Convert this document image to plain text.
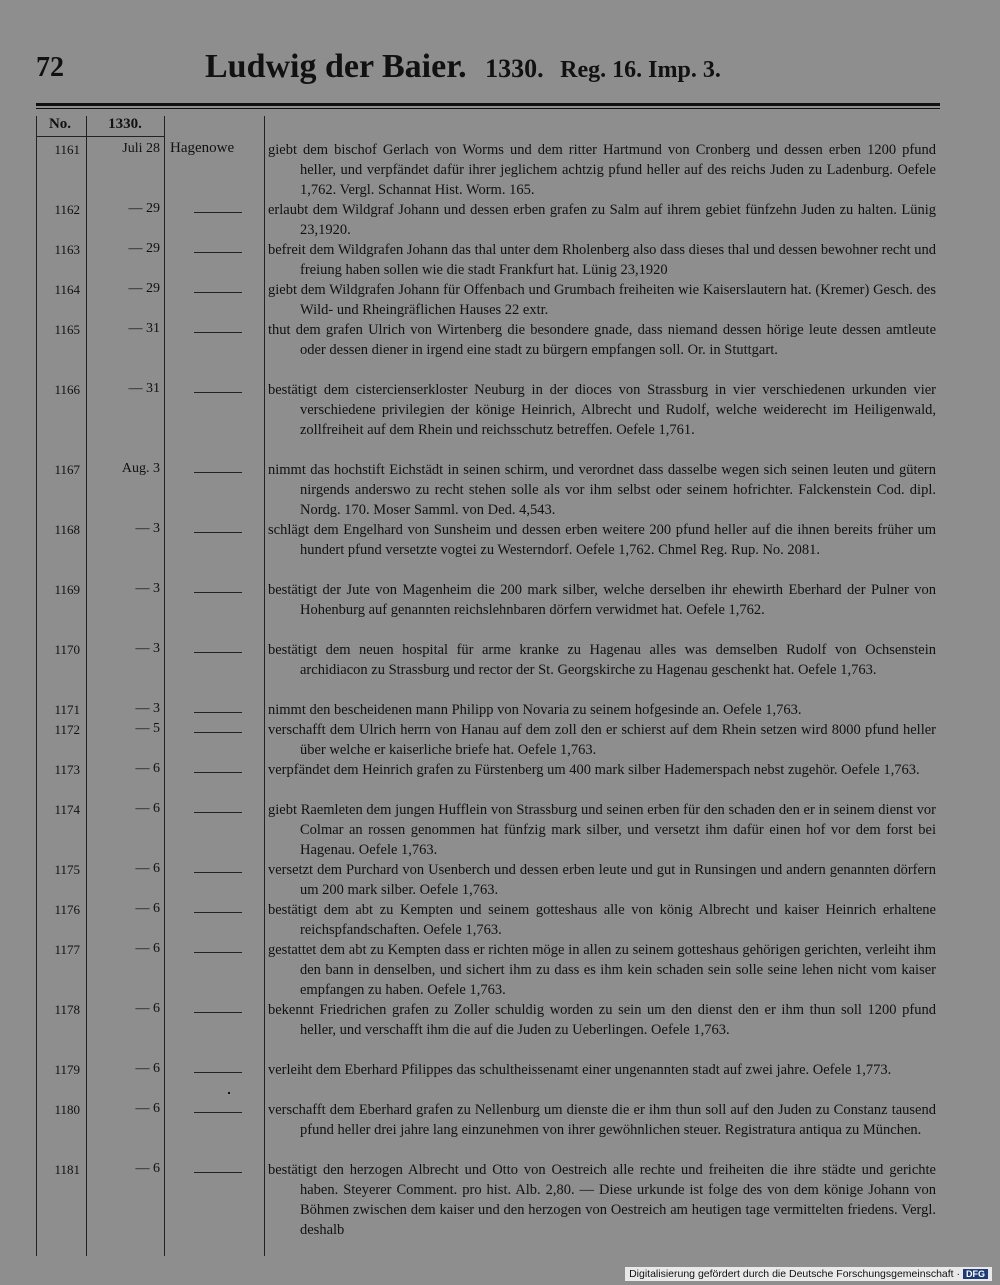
72	Ludwig der Baier. 1330. Reg. 16. Imp. 3.
No.	1330.
1161	Juli 28 Hagenowe	giebt dem bischof Gerlach von Worms und dem ritter Hartmund von Cronberg und dessen erben 1200 pfund heller, und verpfändet dafür ihrer jeglichem achtzig pfund heller auf des reichs Juden zu Ladenburg. Oefele 1,762. Vergl. Schannat Hist. Worm. 165.
1162	— 29	erlaubt dem Wildgraf Johann und dessen erben grafen zu Salm auf ihrem gebiet fünfzehn Juden zu halten. Lünig 23,1920.
1163	— 29	befreit dem Wildgrafen Johann das thal unter dem Rholenberg also dass dieses thal und dessen bewohner recht und freiung haben sollen wie die stadt Frankfurt hat. Lünig 23,1920
1164	— 29	giebt dem Wildgrafen Johann für Offenbach und Grumbach freiheiten wie Kaiserslautern hat. (Kremer) Gesch. des Wild- und Rheingräflichen Hauses 22 extr.
1165	— 31	thut dem grafen Ulrich von Wirtenberg die besondere gnade, dass niemand dessen hörige leute dessen amtleute oder dessen diener in irgend eine stadt zu bürgern empfangen soll. Or. in Stuttgart.
1166	— 31	bestätigt dem cistercienserkloster Neuburg in der dioces von Strassburg in vier verschiedenen urkunden vier verschiedene privilegien der könige Heinrich, Albrecht und Rudolf, welche weiderecht im Heiligenwald, zollfreiheit auf dem Rhein und reichsschutz betreffen. Oefele 1,761.
1167	Aug. 3	nimmt das hochstift Eichstädt in seinen schirm, und verordnet dass dasselbe wegen sich seinen leuten und gütern nirgends anderswo zu recht stehen solle als vor ihm selbst oder seinem hofrichter. Falckenstein Cod. dipl. Nordg. 170. Moser Samml. von Ded. 4,543.
1168	— 3	schlägt dem Engelhard von Sunsheim und dessen erben weitere 200 pfund heller auf die ihnen bereits früher um hundert pfund versetzte vogtei zu Westerndorf. Oefele 1,762. Chmel Reg. Rup. No. 2081.
1169	— 3	bestätigt der Jute von Magenheim die 200 mark silber, welche derselben ihr ehewirth Eberhard der Pulner von Hohenburg auf genannten reichslehnbaren dörfern verwidmet hat. Oefele 1,762.
1170	— 3	bestätigt dem neuen hospital für arme kranke zu Hagenau alles was demselben Rudolf von Ochsenstein archidiacon zu Strassburg und rector der St. Georgskirche zu Hagenau geschenkt hat. Oefele 1,763.
1171	— 3	nimmt den bescheidenen mann Philipp von Novaria zu seinem hofgesinde an. Oefele 1,763.
1172	— 5	verschafft dem Ulrich herrn von Hanau auf dem zoll den er schierst auf dem Rhein setzen wird 8000 pfund heller über welche er kaiserliche briefe hat. Oefele 1,763.
1173	— 6	verpfändet dem Heinrich grafen zu Fürstenberg um 400 mark silber Hademerspach nebst zugehör. Oefele 1,763.
1174	— 6	giebt Raemleten dem jungen Hufflein von Strassburg und seinen erben für den schaden den er in seinem dienst vor Colmar an rossen genommen hat fünfzig mark silber, und versetzt ihm dafür einen hof vor dem forst bei Hagenau. Oefele 1,763.
1175	— 6	versetzt dem Purchard von Usenberch und dessen erben leute und gut in Runsingen und andern genannten dörfern um 200 mark silber. Oefele 1,763.
1176	— 6	bestätigt dem abt zu Kempten und seinem gotteshaus alle von könig Albrecht und kaiser Heinrich erhaltene reichspfandschaften. Oefele 1,763.
1177	— 6	gestattet dem abt zu Kempten dass er richten möge in allen zu seinem gotteshaus gehörigen gerichten, verleiht ihm den bann in denselben, und sichert ihm zu dass es ihm kein schaden sein solle seine lehen nicht vom kaiser empfangen zu haben. Oefele 1,763.
1178	— 6	bekennt Friedrichen grafen zu Zoller schuldig worden zu sein um den dienst den er ihm thun soll 1200 pfund heller, und verschafft ihm die auf die Juden zu Ueberlingen. Oefele 1,763.
1179	— 6	verleiht dem Eberhard Pfilippes das schultheissenamt einer ungenannten stadt auf zwei jahre. Oefele 1,773.
1180	— 6	verschafft dem Eberhard grafen zu Nellenburg um dienste die er ihm thun soll auf den Juden zu Constanz tausend pfund heller drei jahre lang einzunehmen von ihrer gewöhnlichen steuer. Registratura antiqua zu München.
1181	— 6	bestätigt den herzogen Albrecht und Otto von Oestreich alle rechte und freiheiten die ihre städte und gerichte haben. Steyerer Comment. pro hist. Alb. 2,80. — Diese urkunde ist folge des von dem könige Johann von Böhmen zwischen dem kaiser und den herzogen von Oestreich am heutigen tage vermittelten friedens. Vergl. deshalb
Digitalisierung gefördert durch die Deutsche Forschungsgemeinschaft · DFG
